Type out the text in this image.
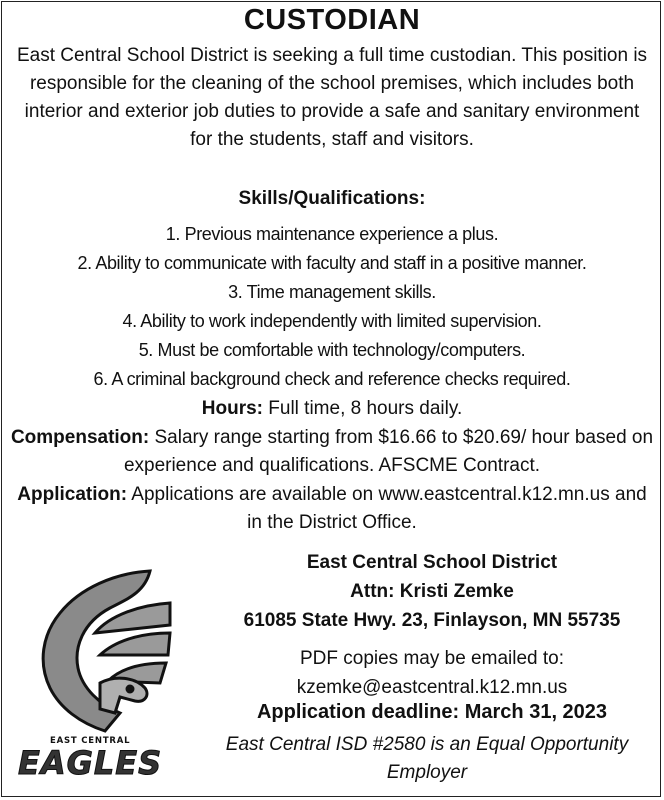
CUSTODIAN
East Central School District is seeking a full time custodian. This position is responsible for the cleaning of the school premises, which includes both interior and exterior job duties to provide a safe and sanitary environment for the students, staff and visitors.
Skills/Qualifications:
1. Previous maintenance experience a plus.
2. Ability to communicate with faculty and staff in a positive manner.
3. Time management skills.
4. Ability to work independently with limited supervision.
5. Must be comfortable with technology/computers.
6. A criminal background check and reference checks required.
Hours: Full time, 8 hours daily.
Compensation: Salary range starting from $16.66 to $20.69/ hour based on experience and qualifications. AFSCME Contract.
Application: Applications are available on www.eastcentral.k12.mn.us and in the District Office.
East Central School District
Attn: Kristi Zemke
61085 State Hwy. 23, Finlayson, MN 55735
PDF copies may be emailed to:
kzemke@eastcentral.k12.mn.us
Application deadline: March 31, 2023
East Central ISD #2580 is an Equal Opportunity Employer
EAST CENTRAL
EAGLES
